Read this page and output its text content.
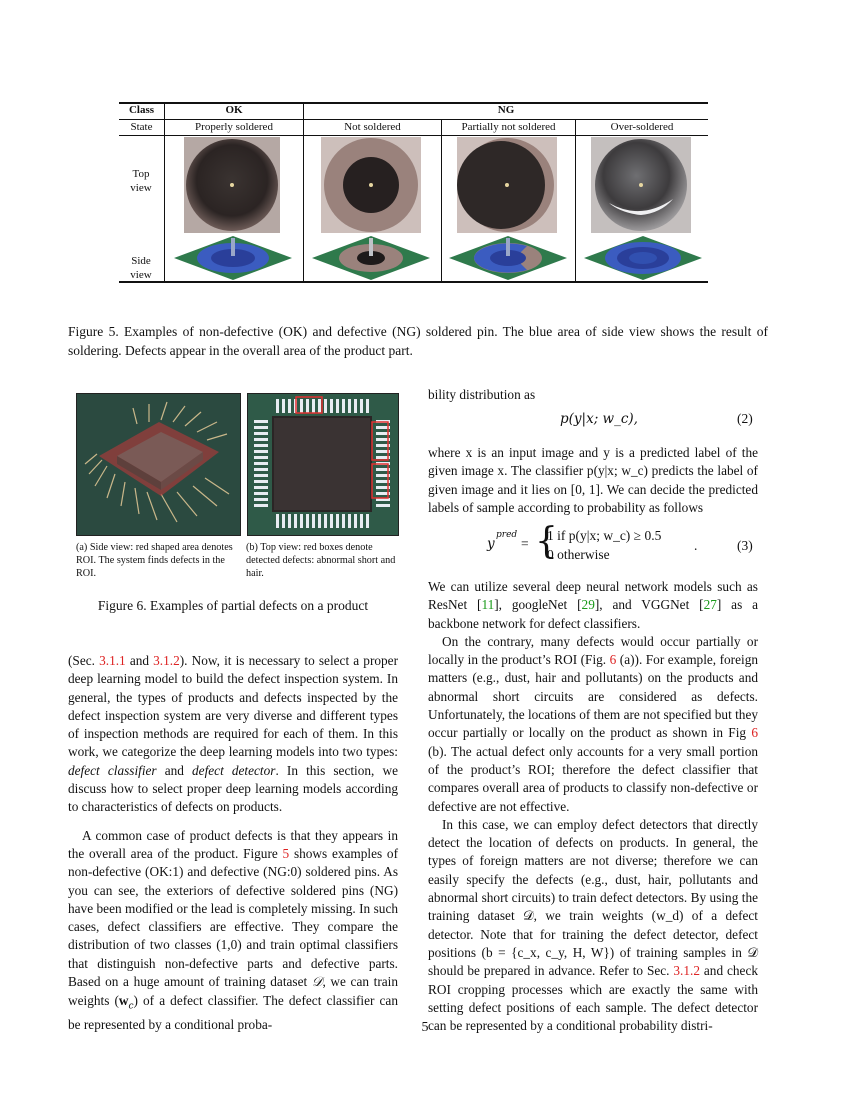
Class	OK	NG
State	Properly soldered	Not soldered	Partially not soldered	Over-soldered
Top view
Side view
Figure 5. Examples of non-defective (OK) and defective (NG) soldered pin. The blue area of side view shows the result of soldering. Defects appear in the overall area of the product part.
(a) Side view: red shaped area denotes ROI. The system finds defects in the ROI.
(b) Top view: red boxes denote detected defects: abnormal short and hair.
Figure 6. Examples of partial defects on a product

(Sec. 3.1.1 and 3.1.2). Now, it is necessary to select a proper deep learning model to build the defect inspection system. In general, the types of products and defects inspected by the defect inspection system are very diverse and different types of inspection methods are required for each of them. In this work, we categorize the deep learning models into two types: defect classifier and defect detector. In this section, we discuss how to select proper deep learning models according to characteristics of defects on products.

A common case of product defects is that they appears in the overall area of the product. Figure 5 shows examples of non-defective (OK:1) and defective (NG:0) soldered pins. As you can see, the exteriors of defective soldered pins (NG) have been modified or the lead is completely missing. In such cases, defect classifiers are effective. They compare the distribution of two classes (1,0) and train optimal classifiers that distinguish non-defective parts and defective parts. Based on a huge amount of training dataset 𝒟, we can train weights $(w_c)$ of a defect classifier. The defect classifier can be represented by a conditional proba-

bility distribution as

p(y|x; w_c),	(2)
where x is an input image and y is a predicted label of the given image x. The classifier p(y|x; w_c) predicts the label of given image and it lies on [0, 1]. We can decide the predicted labels of sample according to probability as follows
y
pred
= {
1 if p(y|x; w_c) ≥ 0.5
0 otherwise
.	(3)

We can utilize several deep neural network models such as ResNet [11], googleNet [29], and VGGNet [27] as a backbone network for defect classifiers.

On the contrary, many defects would occur partially or locally in the product’s ROI (Fig. 6 (a)). For example, foreign matters (e.g., dust, hair and pollutants) on the products and abnormal short circuits are considered as defects. Unfortunately, the locations of them are not specified but they occur partially or locally on the product as shown in Fig 6 (b). The actual defect only accounts for a very small portion of the product’s ROI; therefore the defect classifier that compares overall area of products to classify non-defective or defective are not effective.

In this case, we can employ defect detectors that directly detect the location of defects on products. In general, the types of foreign matters are not diverse; therefore we can easily specify the defects (e.g., dust, hair, pollutants and abnormal short circuits) to train defect detectors. By using the training dataset 𝒟, we train weights (w_d) of a defect detector. Note that for training the defect detector, defect positions (b = {c_x, c_y, H, W}) of training samples in 𝒟 should be prepared in advance. Refer to Sec. 3.1.2 and check ROI cropping processes which are exactly the same with setting defect positions of each sample. The defect detector can be represented by a conditional probability distri-

5
